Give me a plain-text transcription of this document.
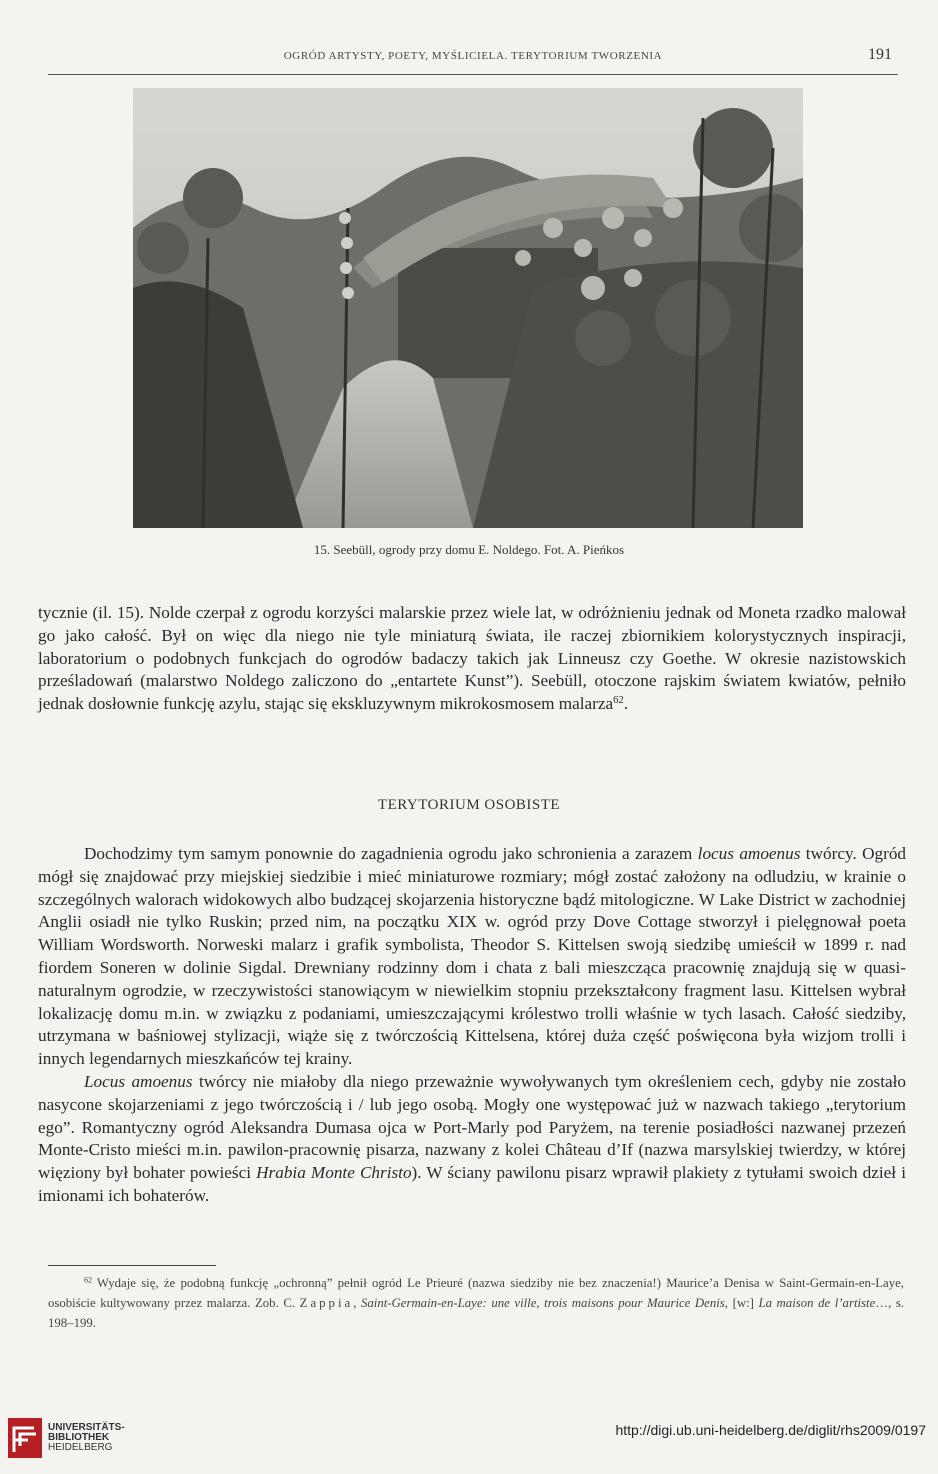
OGRÓD ARTYSTY, POETY, MYŚLICIELA. TERYTORIUM TWORZENIA	191
15. Seebüll, ogrody przy domu E. Noldego. Fot. A. Pieńkos

tycznie (il. 15). Nolde czerpał z ogrodu korzyści malarskie przez wiele lat, w odróżnieniu jednak od Moneta rzadko malował go jako całość. Był on więc dla niego nie tyle miniaturą świata, ile raczej zbiornikiem kolorystycznych inspiracji, laboratorium o podobnych funkcjach do ogrodów badaczy takich jak Linneusz czy Goethe. W okresie nazistowskich prześladowań (malarstwo Noldego zaliczono do „entartete Kunst”). Seebüll, otoczone rajskim światem kwiatów, pełniło jednak dosłownie funkcję azylu, stając się ekskluzywnym mikrokosmosem malarza$^{62}$.

TERYTORIUM OSOBISTE

Dochodzimy tym samym ponownie do zagadnienia ogrodu jako schronienia a zarazem locus amoenus twórcy. Ogród mógł się znajdować przy miejskiej siedzibie i mieć miniaturowe rozmiary; mógł zostać założony na odludziu, w krainie o szczególnych walorach widokowych albo budzącej skojarzenia historyczne bądź mitologiczne. W Lake District w zachodniej Anglii osiadł nie tylko Ruskin; przed nim, na początku XIX w. ogród przy Dove Cottage stworzył i pielęgnował poeta William Wordsworth. Norweski malarz i grafik symbolista, Theodor S. Kittelsen swoją siedzibę umieścił w 1899 r. nad fiordem Soneren w dolinie Sigdal. Drewniany rodzinny dom i chata z bali mieszcząca pracownię znajdują się w quasi-naturalnym ogrodzie, w rzeczywistości stanowiącym w niewielkim stopniu przekształcony fragment lasu. Kittelsen wybrał lokalizację domu m.in. w związku z podaniami, umieszczającymi królestwo trolli właśnie w tych lasach. Całość siedziby, utrzymana w baśniowej stylizacji, wiąże się z twórczością Kittelsena, której duża część poświęcona była wizjom trolli i innych legendarnych mieszkańców tej krainy.

Locus amoenus twórcy nie miałoby dla niego przeważnie wywoływanych tym określeniem cech, gdyby nie zostało nasycone skojarzeniami z jego twórczością i / lub jego osobą. Mogły one występować już w nazwach takiego „terytorium ego”. Romantyczny ogród Aleksandra Dumasa ojca w Port-Marly pod Paryżem, na terenie posiadłości nazwanej przezeń Monte-Cristo mieści m.in. pawilon-pracownię pisarza, nazwany z kolei Château d’If (nazwa marsylskiej twierdzy, w której więziony był bohater powieści Hrabia Monte Christo). W ściany pawilonu pisarz wprawił plakiety z tytułami swoich dzieł i imionami ich bohaterów.

$^{62}$ Wydaje się, że podobną funkcję „ochronną” pełnił ogród Le Prieuré (nazwa siedziby nie bez znaczenia!) Maurice’a Denisa w Saint-Germain-en-Laye, osobiście kultywowany przez malarza. Zob. C. Zappia, Saint-Germain-en-Laye: une ville, trois maisons pour Maurice Denis, [w:] La maison de l’artiste…, s. 198–199.
UNIVERSITÄTS-
BIBLIOTHEK
HEIDELBERG
http://digi.ub.uni-heidelberg.de/diglit/rhs2009/0197
